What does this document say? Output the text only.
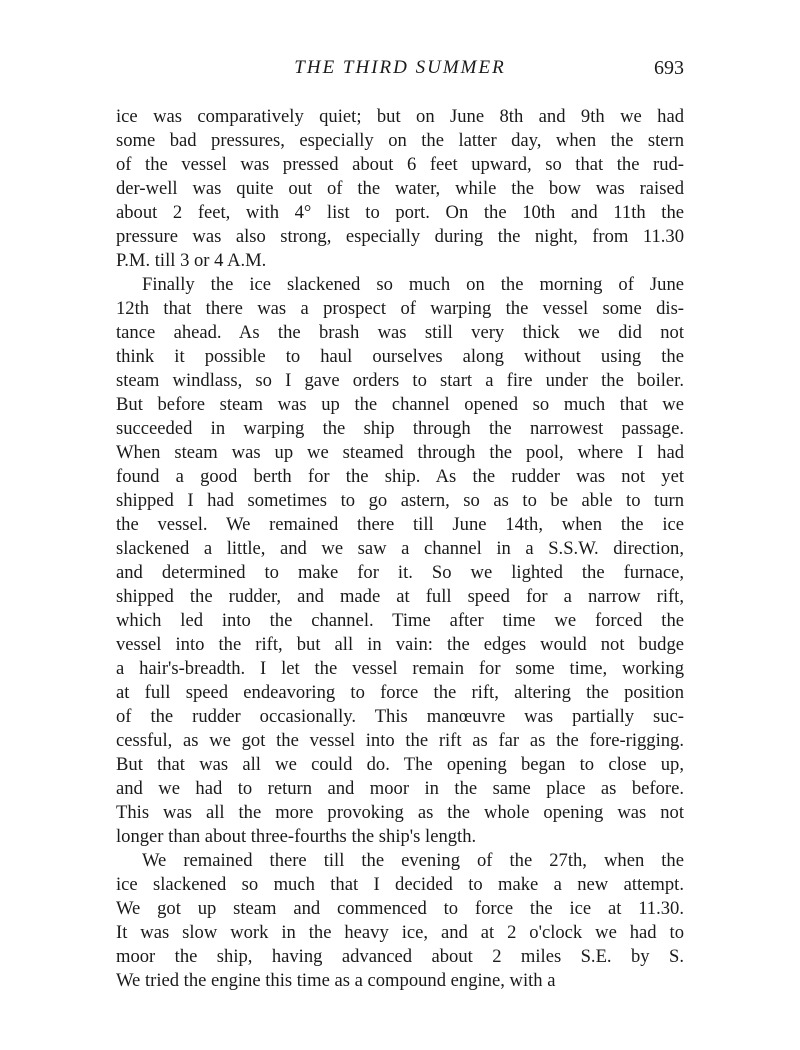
THE THIRD SUMMER	693
ice was comparatively quiet; but on June 8th and 9th we had
some bad pressures, especially on the latter day, when the stern
of the vessel was pressed about 6 feet upward, so that the rud-
der-well was quite out of the water, while the bow was raised
about 2 feet, with 4° list to port. On the 10th and 11th the
pressure was also strong, especially during the night, from 11.30
P.M. till 3 or 4 A.M.
Finally the ice slackened so much on the morning of June
12th that there was a prospect of warping the vessel some dis-
tance ahead. As the brash was still very thick we did not
think it possible to haul ourselves along without using the
steam windlass, so I gave orders to start a fire under the boiler.
But before steam was up the channel opened so much that we
succeeded in warping the ship through the narrowest passage.
When steam was up we steamed through the pool, where I had
found a good berth for the ship. As the rudder was not yet
shipped I had sometimes to go astern, so as to be able to turn
the vessel. We remained there till June 14th, when the ice
slackened a little, and we saw a channel in a S.S.W. direction,
and determined to make for it. So we lighted the furnace,
shipped the rudder, and made at full speed for a narrow rift,
which led into the channel. Time after time we forced the
vessel into the rift, but all in vain: the edges would not budge
a hair's-breadth. I let the vessel remain for some time, working
at full speed endeavoring to force the rift, altering the position
of the rudder occasionally. This manœuvre was partially suc-
cessful, as we got the vessel into the rift as far as the fore-rigging.
But that was all we could do. The opening began to close up,
and we had to return and moor in the same place as before.
This was all the more provoking as the whole opening was not
longer than about three-fourths the ship's length.
We remained there till the evening of the 27th, when the
ice slackened so much that I decided to make a new attempt.
We got up steam and commenced to force the ice at 11.30.
It was slow work in the heavy ice, and at 2 o'clock we had to
moor the ship, having advanced about 2 miles S.E. by S.
We tried the engine this time as a compound engine, with a
